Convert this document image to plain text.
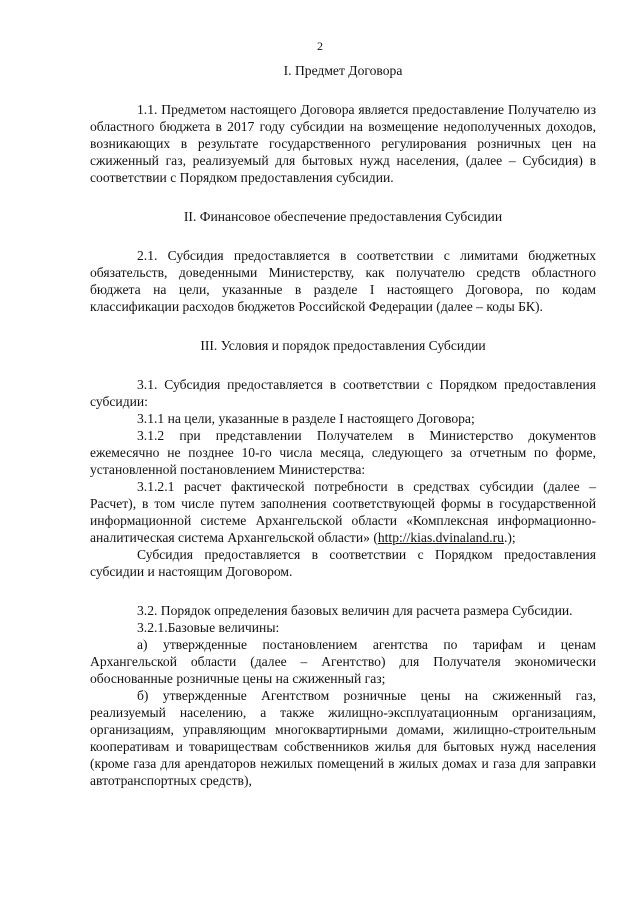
2
I. Предмет Договора

1.1. Предметом настоящего Договора является предоставление Получателю из областного бюджета в 2017 году субсидии на возмещение недополученных доходов, возникающих в результате государственного регулирования розничных цен на сжиженный газ, реализуемый для бытовых нужд населения, (далее – Субсидия) в соответствии с Порядком предоставления субсидии.

II. Финансовое обеспечение предоставления Субсидии

2.1. Субсидия предоставляется в соответствии с лимитами бюджетных обязательств, доведенными Министерству, как получателю средств областного бюджета на цели, указанные в разделе I настоящего Договора, по кодам классификации расходов бюджетов Российской Федерации (далее – коды БК).

III. Условия и порядок предоставления Субсидии

3.1. Субсидия предоставляется в соответствии с Порядком предоставления субсидии:

3.1.1 на цели, указанные в разделе I настоящего Договора;

3.1.2 при представлении Получателем в Министерство документов ежемесячно не позднее 10-го числа месяца, следующего за отчетным по форме, установленной постановлением Министерства:

3.1.2.1 расчет фактической потребности в средствах субсидии (далее – Расчет), в том числе путем заполнения соответствующей формы в государственной информационной системе Архангельской области «Комплексная информационно-аналитическая система Архангельской области» (http://kias.dvinaland.ru.);

Субсидия предоставляется в соответствии с Порядком предоставления субсидии и настоящим Договором.

3.2. Порядок определения базовых величин для расчета размера Субсидии.

3.2.1.Базовые величины:

а) утвержденные постановлением агентства по тарифам и ценам Архангельской области (далее – Агентство) для Получателя экономически обоснованные розничные цены на сжиженный газ;

б) утвержденные Агентством розничные цены на сжиженный газ, реализуемый населению, а также жилищно-эксплуатационным организациям, организациям, управляющим многоквартирными домами, жилищно-строительным кооперативам и товариществам собственников жилья для бытовых нужд населения (кроме газа для арендаторов нежилых помещений в жилых домах и газа для заправки автотранспортных средств),
